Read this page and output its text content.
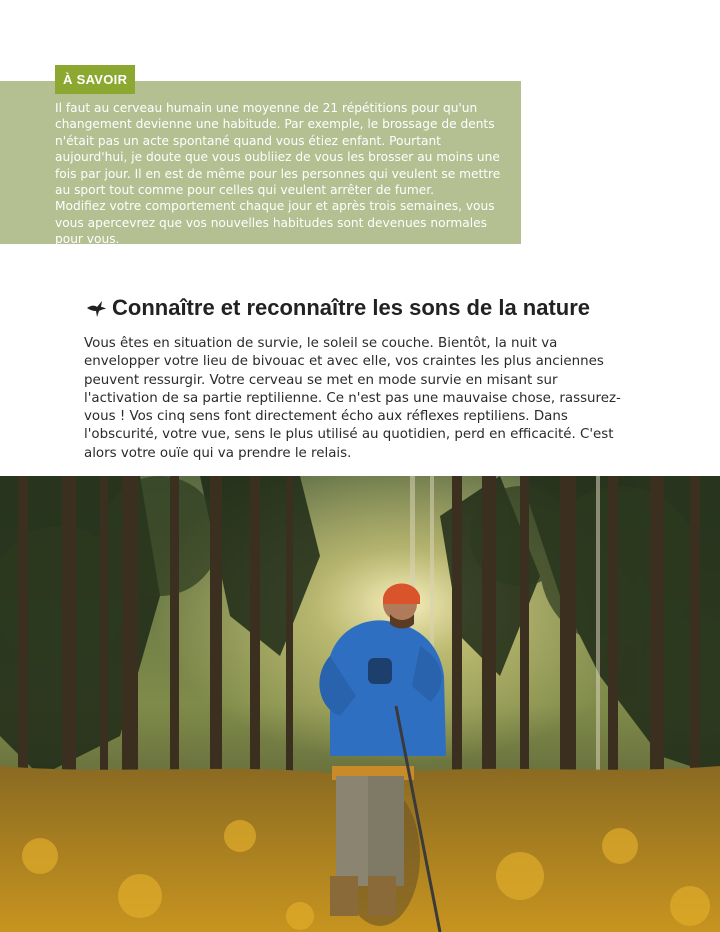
À SAVOIR

Il faut au cerveau humain une moyenne de 21 répétitions pour qu'un changement devienne une habitude. Par exemple, le brossage de dents n'était pas un acte spontané quand vous étiez enfant. Pourtant aujourd'hui, je doute que vous oubliiez de vous les brosser au moins une fois par jour. Il en est de même pour les personnes qui veulent se mettre au sport tout comme pour celles qui veulent arrêter de fumer.

Modifiez votre comportement chaque jour et après trois semaines, vous vous apercevrez que vos nouvelles habitudes sont devenues normales pour vous.

Connaître et reconnaître les sons de la nature

Vous êtes en situation de survie, le soleil se couche. Bientôt, la nuit va envelopper votre lieu de bivouac et avec elle, vos craintes les plus anciennes peuvent ressurgir. Votre cerveau se met en mode survie en misant sur l'activation de sa partie reptilienne. Ce n'est pas une mauvaise chose, rassurez-vous ! Vos cinq sens font directement écho aux réflexes reptiliens. Dans l'obscurité, votre vue, sens le plus utilisé au quotidien, perd en efficacité. C'est alors votre ouïe qui va prendre le relais.
